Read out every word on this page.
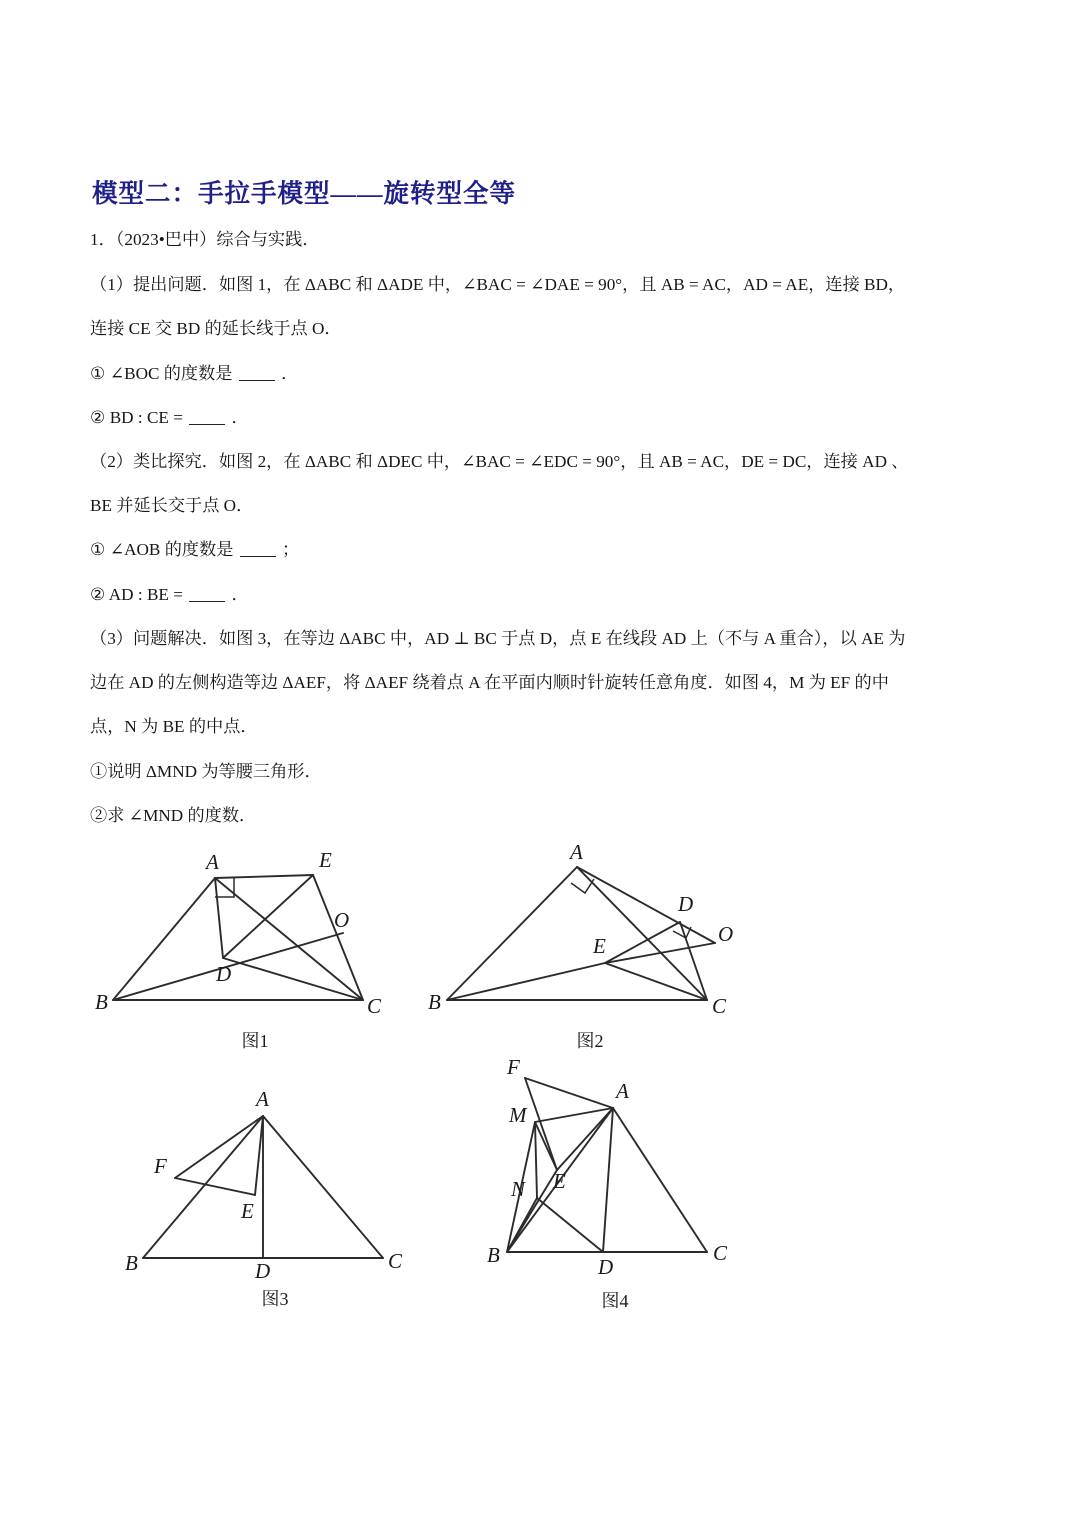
模型二：手拉手模型——旋转型全等

1．（2023•巴中）综合与实践．

（1）提出问题．如图 1，在 ΔABC 和 ΔADE 中，∠BAC = ∠DAE = 90°，且 AB = AC，AD = AE，连接 BD，

连接 CE 交 BD 的延长线于点 O．

① ∠BOC 的度数是	．

② BD : CE =	．

（2）类比探究．如图 2，在 ΔABC 和 ΔDEC 中，∠BAC = ∠EDC = 90°，且 AB = AC，DE = DC，连接 AD 、

BE 并延长交于点 O．

① ∠AOB 的度数是	；

② AD : BE =	．

（3）问题解决．如图 3，在等边 ΔABC 中，AD ⊥ BC 于点 D，点 E 在线段 AD 上（不与 A 重合），以 AE 为

边在 AD 的左侧构造等边 ΔAEF，将 ΔAEF 绕着点 A 在平面内顺时针旋转任意角度．如图 4，M 为 EF 的中

点，N 为 BE 的中点．

①说明 ΔMND 为等腰三角形．

②求 ∠MND 的度数．

A	E
O
D
B	C
图1
A
D
O
E
B	C
图2
A
F
E
B	D	C
图3
F
A
M
E
N
B	D
C
图4
